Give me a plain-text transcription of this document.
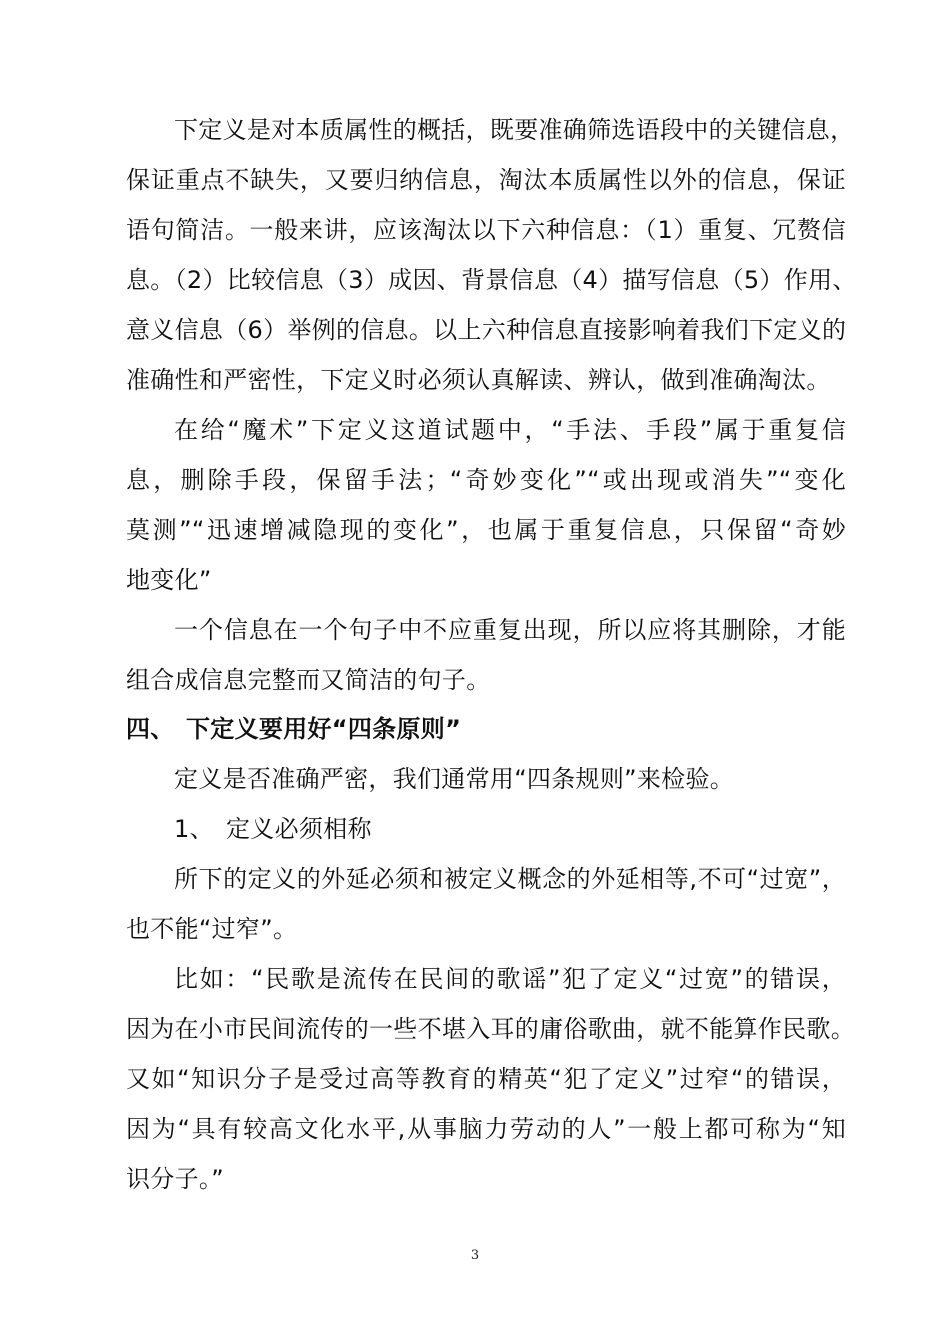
下定义是对本质属性的概括，既要准确筛选语段中的关键信息，
保证重点不缺失，又要归纳信息，淘汰本质属性以外的信息，保证
语句简洁。一般来讲，应该淘汰以下六种信息：（1）重复、冗赘信
息。（2）比较信息（3）成因、背景信息（4）描写信息（5）作用、
意义信息（6）举例的信息。以上六种信息直接影响着我们下定义的
准确性和严密性，下定义时必须认真解读、辨认，做到准确淘汰。
在给“魔术”下定义这道试题中，“手法、手段”属于重复信
息，删除手段，保留手法；“奇妙变化”“或出现或消失”“变化
莫测”“迅速增减隐现的变化”，也属于重复信息，只保留“奇妙
地变化”
一个信息在一个句子中不应重复出现，所以应将其删除，才能
组合成信息完整而又简洁的句子。
四、 下定义要用好“四条原则”
定义是否准确严密，我们通常用“四条规则”来检验。
1、 定义必须相称
所下的定义的外延必须和被定义概念的外延相等,不可“过宽”，
也不能“过窄”。
比如：“民歌是流传在民间的歌谣”犯了定义“过宽”的错误，
因为在小市民间流传的一些不堪入耳的庸俗歌曲，就不能算作民歌。
又如“知识分子是受过高等教育的精英“犯了定义”过窄“的错误，
因为“具有较高文化水平,从事脑力劳动的人”一般上都可称为“知
识分子。”
3
